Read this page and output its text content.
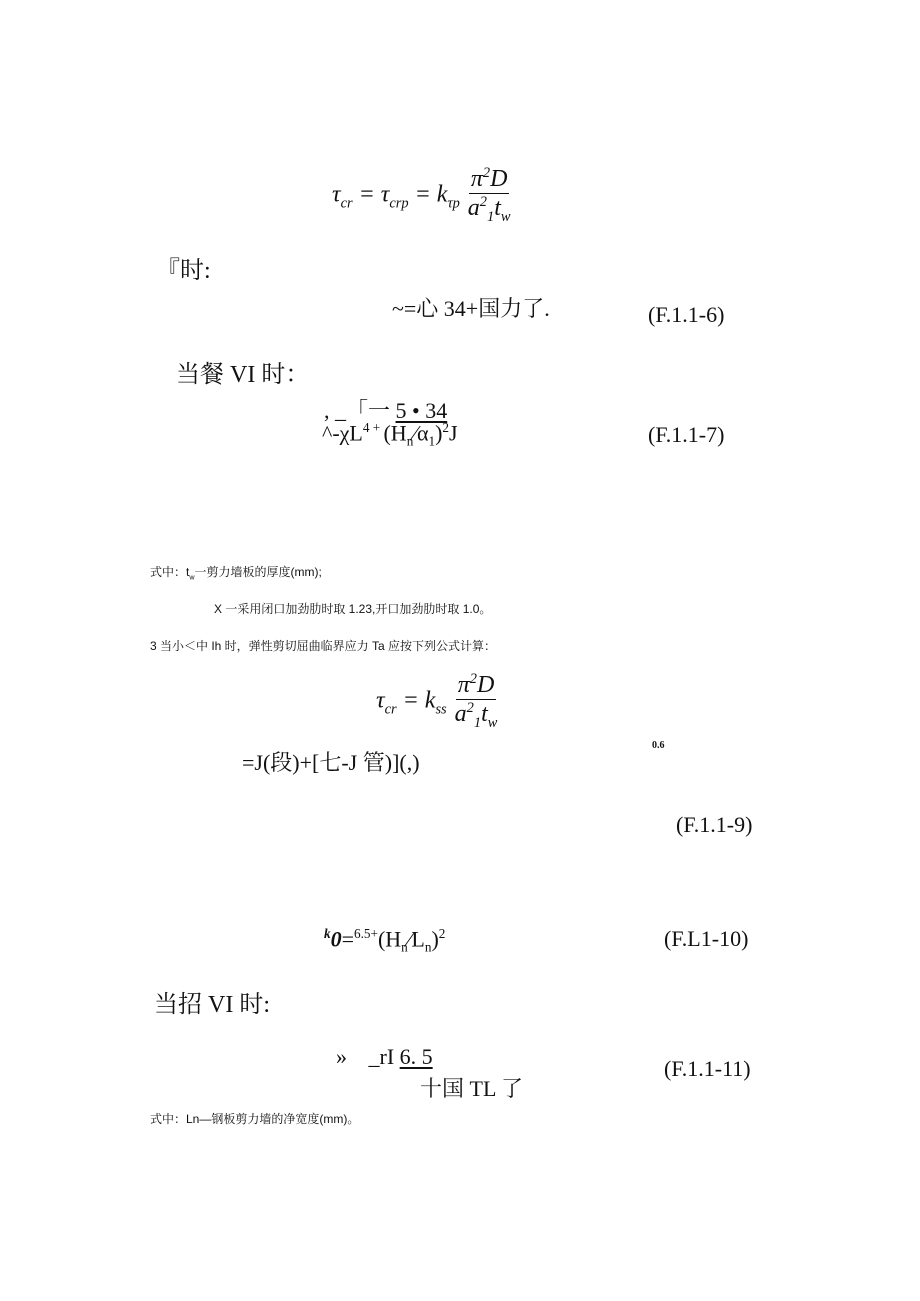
$\tau_{cr} = \tau_{crp} = k_{\tau p} \frac{\pi^2D}{a^2_1t_w}$
『时:
~=心 34+国力了.	(F.1.1-6)
当餐 VI 时：
, _「一 5 • 34
$\^{}-\chi L^{4 +}$ $(H_n⁄\alpha_1)^2J$	(F.1.1-7)
式中：$t_w$一剪力墙板的厚度(mm);
X 一采用闭口加劲肋时取 1.23,开口加劲肋时取 1.0。
3 当小＜中 Ih 时，弹性剪切屈曲临界应力 Ta 应按下列公式计算：
$\tau_{cr} = k_{ss} \frac{\pi^2D}{a^2_1t_w}$
=J(段)+[七-J 管)](,)
0.6
(F.1.1-9)
$^k0=^{6.5+}(H_n⁄L_n)^2$	(F.L1-10)
当招 VI 时:
» _rI 6. 5	(F.1.1-11)
十国 TL 了
式中：Ln—钢板剪力墙的净宽度(mm)。
